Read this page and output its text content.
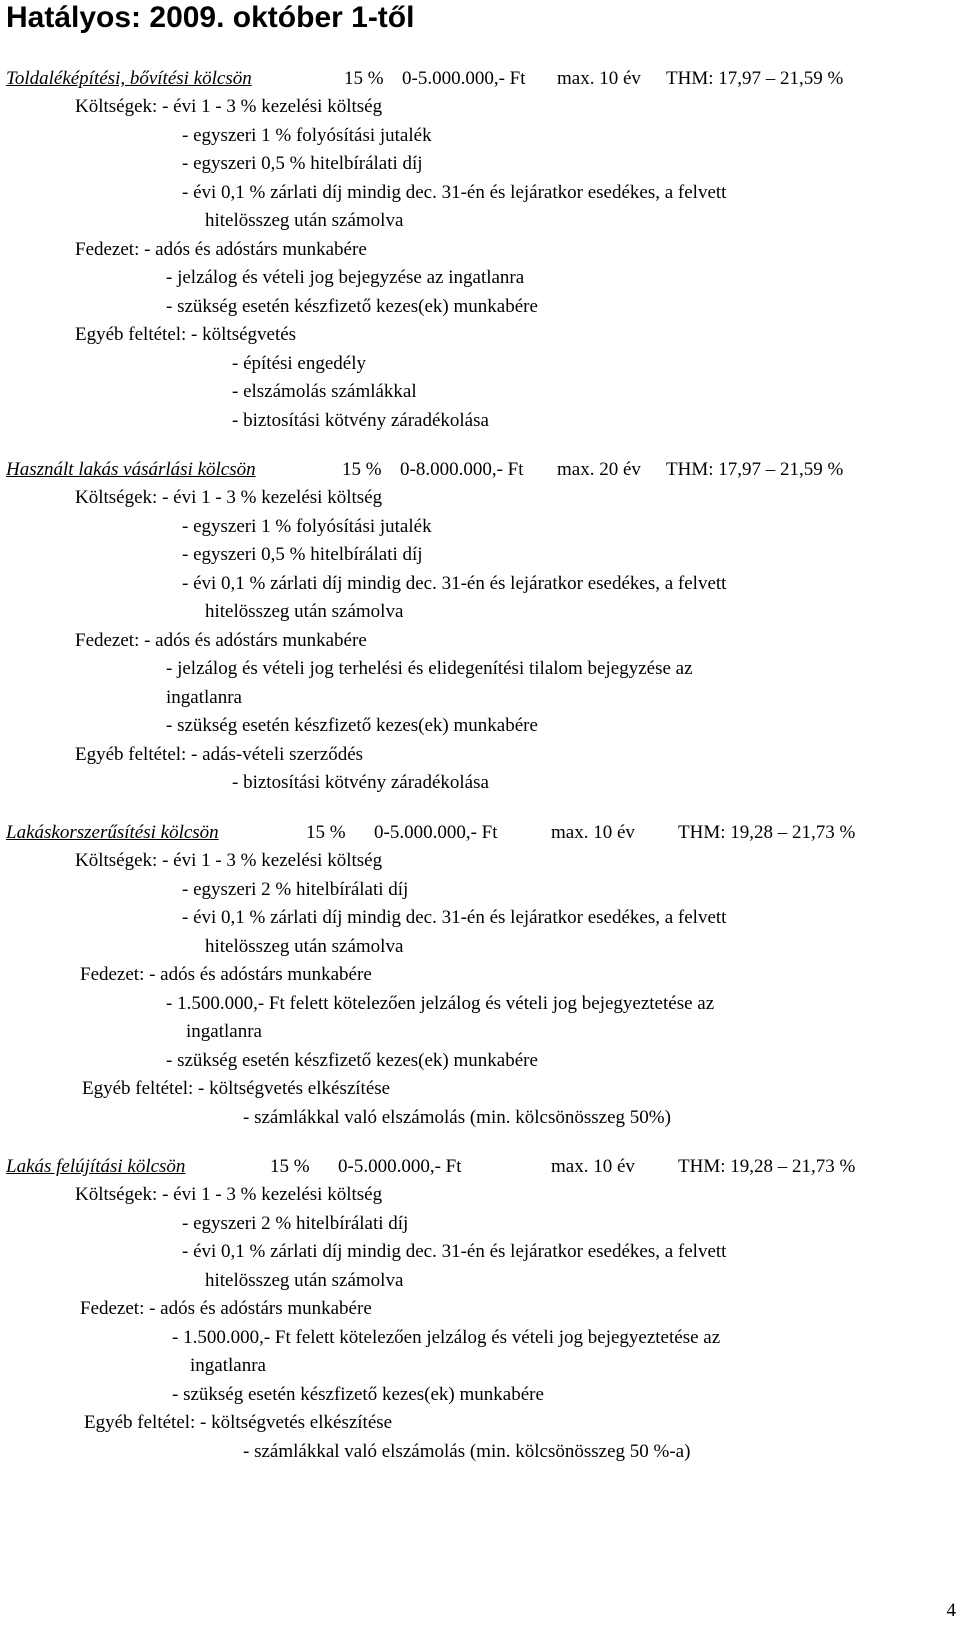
Hatályos: 2009. október 1-től
Toldaléképítési, bővítési kölcsön	15 % 0-5.000.000,- Ft max. 10 év THM: 17,97 – 21,59 %
Költségek: - évi 1 - 3 % kezelési költség
- egyszeri 1 % folyósítási jutalék
- egyszeri 0,5 % hitelbírálati díj
- évi 0,1 % zárlati díj mindig dec. 31-én és lejáratkor esedékes, a felvett
hitelösszeg után számolva
Fedezet: - adós és adóstárs munkabére
- jelzálog és vételi jog bejegyzése az ingatlanra
- szükség esetén készfizető kezes(ek) munkabére
Egyéb feltétel: - költségvetés
- építési engedély
- elszámolás számlákkal
- biztosítási kötvény záradékolása
Használt lakás vásárlási kölcsön	15 % 0-8.000.000,- Ft max. 20 év THM: 17,97 – 21,59 %
Költségek: - évi 1 - 3 % kezelési költség
- egyszeri 1 % folyósítási jutalék
- egyszeri 0,5 % hitelbírálati díj
- évi 0,1 % zárlati díj mindig dec. 31-én és lejáratkor esedékes, a felvett
hitelösszeg után számolva
Fedezet: - adós és adóstárs munkabére
- jelzálog és vételi jog terhelési és elidegenítési tilalom bejegyzése az
ingatlanra
- szükség esetén készfizető kezes(ek) munkabére
Egyéb feltétel: - adás-vételi szerződés
- biztosítási kötvény záradékolása
Lakáskorszerűsítési kölcsön	15 % 0-5.000.000,- Ft	max. 10 év THM: 19,28 – 21,73 %
Költségek: - évi 1 - 3 % kezelési költség
- egyszeri 2 % hitelbírálati díj
- évi 0,1 % zárlati díj mindig dec. 31-én és lejáratkor esedékes, a felvett
hitelösszeg után számolva
Fedezet: - adós és adóstárs munkabére
- 1.500.000,- Ft felett kötelezően jelzálog és vételi jog bejegyeztetése az
ingatlanra
- szükség esetén készfizető kezes(ek) munkabére
Egyéb feltétel: - költségvetés elkészítése
- számlákkal való elszámolás (min. kölcsönösszeg 50%)
Lakás felújítási kölcsön	15 % 0-5.000.000,- Ft	max. 10 év THM: 19,28 – 21,73 %
Költségek: - évi 1 - 3 % kezelési költség
- egyszeri 2 % hitelbírálati díj
- évi 0,1 % zárlati díj mindig dec. 31-én és lejáratkor esedékes, a felvett
hitelösszeg után számolva
Fedezet: - adós és adóstárs munkabére
- 1.500.000,- Ft felett kötelezően jelzálog és vételi jog bejegyeztetése az
ingatlanra
- szükség esetén készfizető kezes(ek) munkabére
Egyéb feltétel: - költségvetés elkészítése
- számlákkal való elszámolás (min. kölcsönösszeg 50 %-a)
4
